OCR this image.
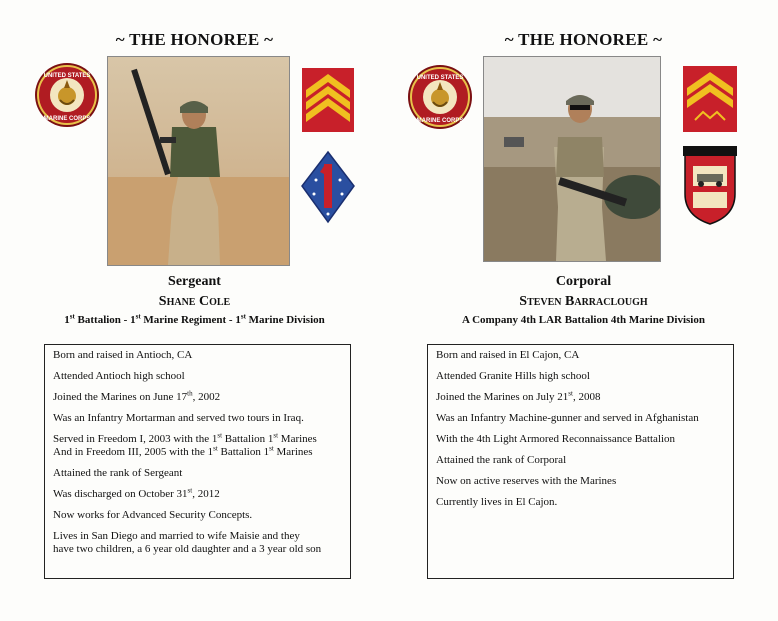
~ THE HONOREE ~
UNITED STATES
MARINE CORPS
Sergeant
Shane Cole
1st Battalion - 1st Marine Regiment - 1st Marine Division
Born and raised in Antioch, CA
Attended Antioch high school
Joined the Marines on June 17th, 2002
Was an Infantry Mortarman and served two tours in Iraq.
Served in Freedom I, 2003 with the 1st Battalion 1st Marines
And in Freedom III, 2005 with the 1st Battalion 1st Marines
Attained the rank of Sergeant
Was discharged on October 31st, 2012
Now works for Advanced Security Concepts.
Lives in San Diego and married to wife Maisie and they
have two children, a 6 year old daughter and a 3 year old son
~ THE HONOREE ~
UNITED STATES
MARINE CORPS
Corporal
Steven Barraclough
A Company 4th LAR Battalion 4th Marine Division
Born and raised in El Cajon, CA
Attended Granite Hills high school
Joined the Marines on July 21st, 2008
Was an Infantry Machine-gunner and served in Afghanistan
With the 4th Light Armored Reconnaissance Battalion
Attained the rank of Corporal
Now on active reserves with the Marines
Currently lives in El Cajon.
